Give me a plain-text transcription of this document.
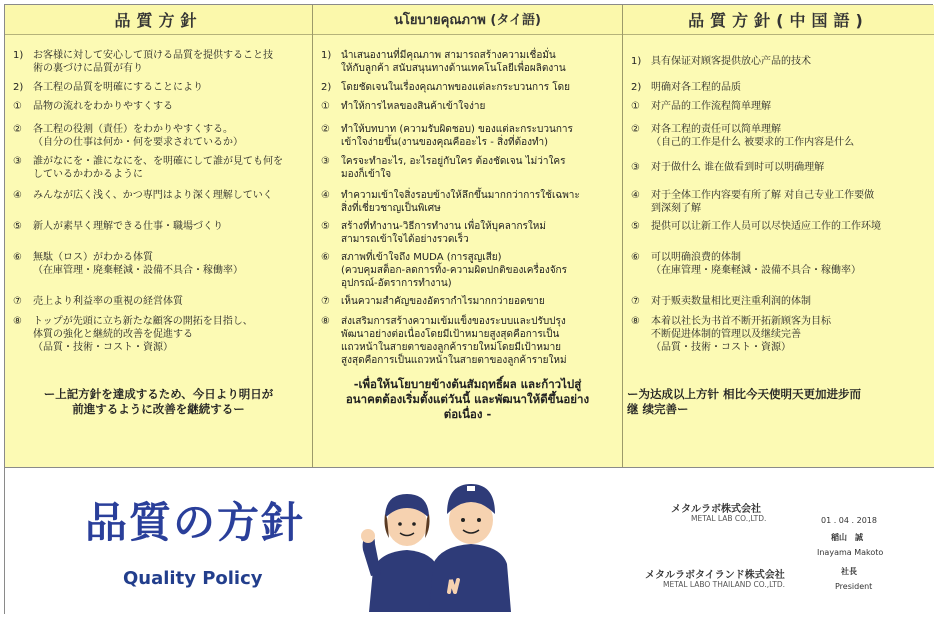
品質方針
1) お客様に対して安心して頂ける品質を提供すること技
術の裏づけに品質が有り
2) 各工程の品質を明確にすることにより
①	品物の流れをわかりやすくする
②	各工程の役割（責任）をわかりやすくする。
（自分の仕事は何か・何を要求されているか）
③	誰がなにを・誰になにを、を明確にして誰が見ても何を
しているかわかるように
④	みんなが広く浅く、かつ専門はより深く理解していく
⑤	新人が素早く理解できる仕事・職場づくり
⑥	無駄（ロス）がわかる体質
（在庫管理・廃棄軽減・設備不具合・稼働率）
⑦	売上より利益率の重視の経営体質
⑧	トップが先頭に立ち新たな顧客の開拓を目指し、
体質の強化と継続的改善を促進する
（品質・技術・コスト・資源）
ー上記方針を達成するため、今日より明日が
前進するように改善を継続するー
นโยบายคุณภาพ (タイ語)
1) นำเสนองานที่มีคุณภาพ สามารถสร้างความเชื่อมั่น
ให้กับลูกค้า สนับสนุนทางด้านเทคโนโลยีเพื่อผลิตงาน
2) โดยชัดเจนในเรื่องคุณภาพของแต่ละกระบวนการ โดย
①	ทำให้การไหลของสินค้าเข้าใจง่าย
②	ทำให้บทบาท (ความรับผิดชอบ) ของแต่ละกระบวนการ
เข้าใจง่ายขึ้น(งานของคุณคืออะไร - สิ่งที่ต้องทำ)
③	ใครจะทำอะไร, อะไรอยู่กับใคร ต้องชัดเจน ไม่ว่าใคร
มองก็เข้าใจ
④	ทำความเข้าใจสิ่งรอบข้างให้ลึกขึ้นมากกว่าการใช้เฉพาะ
สิ่งที่เชี่ยวชาญเป็นพิเศษ
⑤	สร้างที่ทำงาน-วิธีการทำงาน เพื่อให้บุคลากรใหม่
สามารถเข้าใจได้อย่างรวดเร็ว
⑥	สภาพที่เข้าใจถึง MUDA (การสูญเสีย)
(ควบคุมสต็อก-ลดการทิ้ง-ความผิดปกติของเครื่องจักร
อุปกรณ์-อัตราการทำงาน)
⑦	เห็นความสำคัญของอัตรากำไรมากกว่ายอดขาย
⑧	ส่งเสริมการสร้างความเข้มแข็งของระบบและปรับปรุง
พัฒนาอย่างต่อเนื่องโดยมีเป้าหมายสูงสุดคือการเป็น
แถวหน้าในสายตาของลูกค้ารายใหม่โดยมีเป้าหมาย
สูงสุดคือการเป็นแถวหน้าในสายตาของลูกค้ารายใหม่
-เพื่อให้นโยบายข้างต้นสัมฤทธิ์ผล และก้าวไปสู่
อนาคตต้องเริ่มตั้งแต่วันนี้ และพัฒนาให้ดีขึ้นอย่าง
ต่อเนื่อง -
品質方針(中国語)
1) 具有保证对顾客提供放心产品的技术
2) 明确对各工程的品质
①	对产品的工作流程简单理解
②	对各工程的责任可以简单理解
（自己的工作是什么 被要求的工作内容是什么
③	对于做什么 谁在做看到时可以明确理解
④	对于全体工作内容要有所了解 对自己专业工作要做
到深刻了解
⑤	提供可以让新工作人员可以尽快适应工作的工作环境
⑥	可以明确浪费的体制
（在庫管理・廃棄軽減・設備不具合・稼働率）
⑦	对于贩卖数量相比更注重利润的体制
⑧	本着以社长为书首不断开拓新顾客为目标
不断促进体制的管理以及继续完善
（品質・技術・コスト・資源）
ー为达成以上方针 相比今天使明天更加进步而
继 续完善ー
品質の方針
Quality Policy
メタルラボ株式会社
METAL LAB CO.,LTD.
メタルラボタイランド株式会社
METAL LABO THAILAND CO.,LTD.
01 . 04 . 2018
稲山　誠
Inayama Makoto
社長
President
